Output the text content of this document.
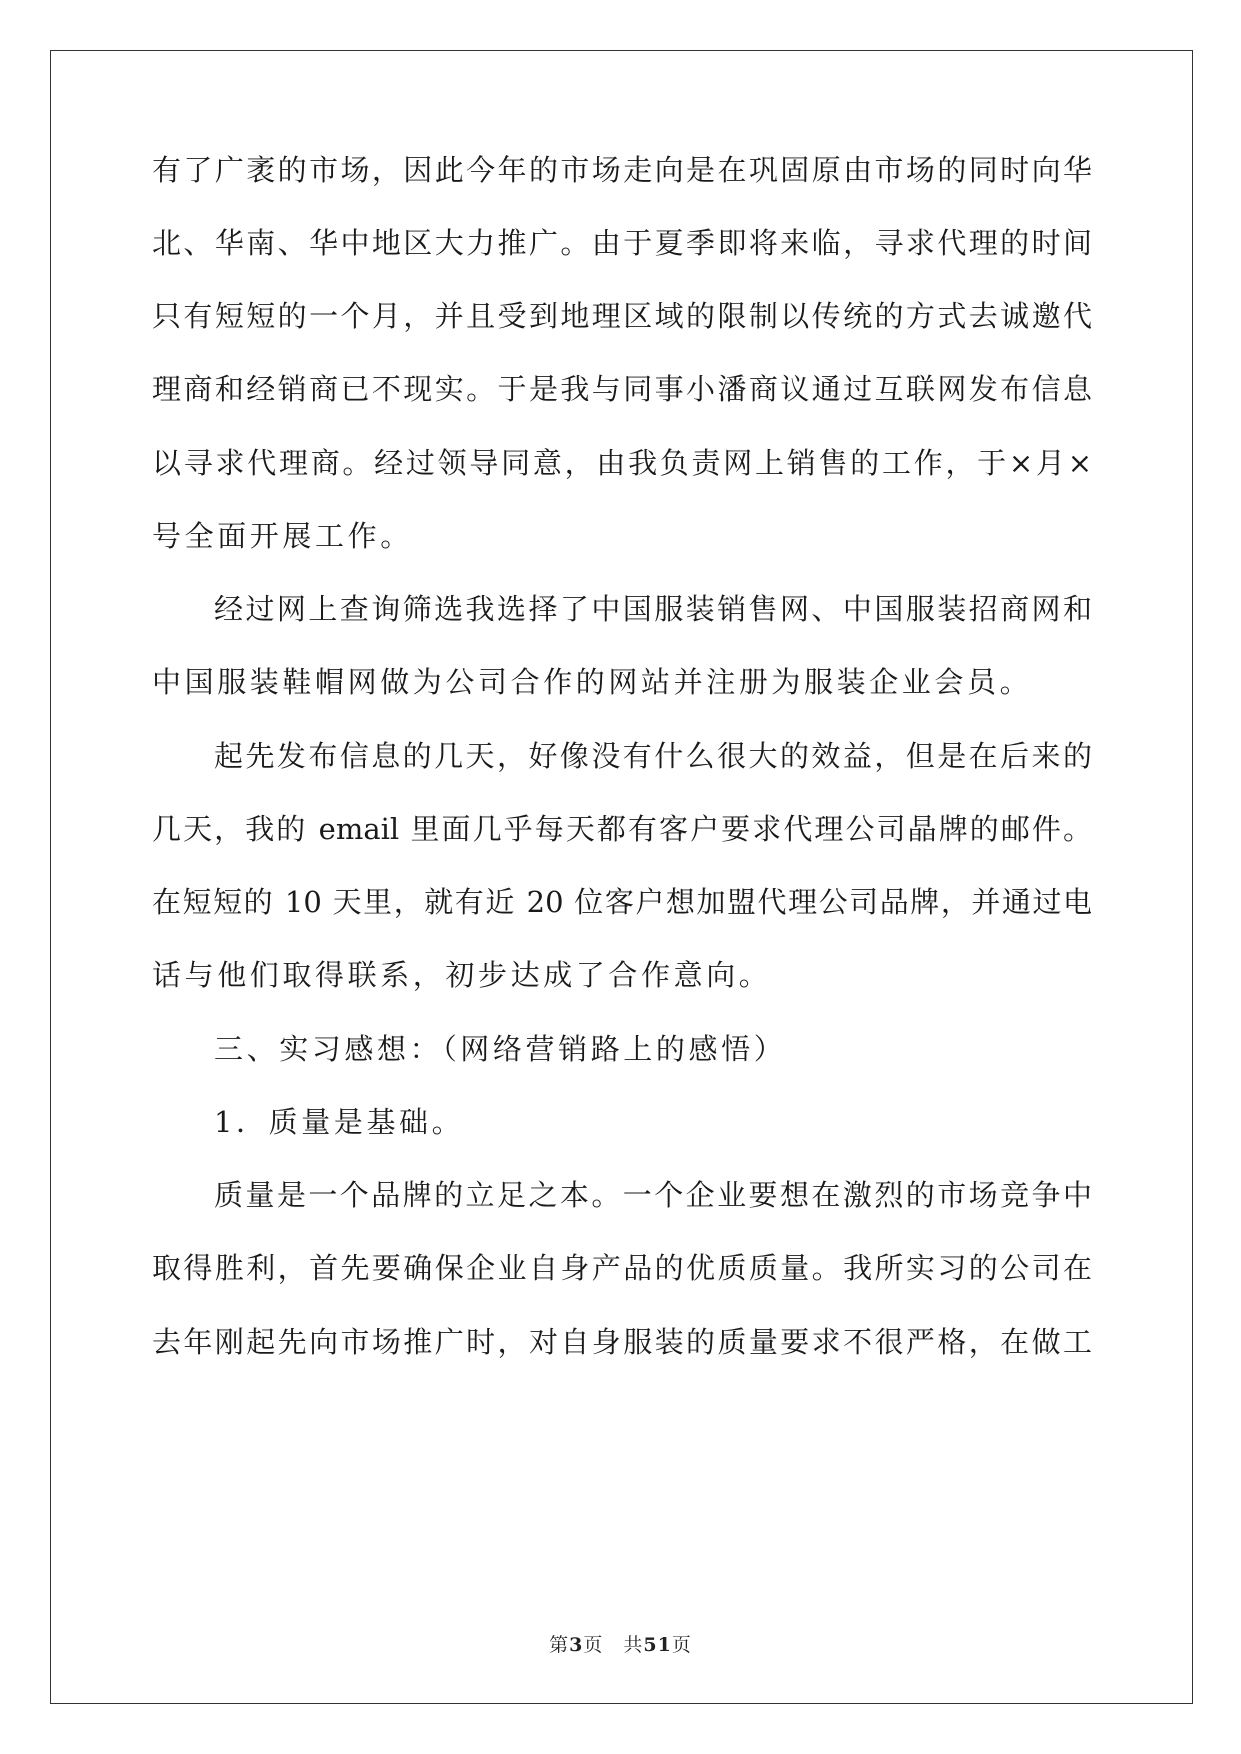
有了广袤的市场，因此今年的市场走向是在巩固原由市场的同时向华
北、华南、华中地区大力推广。由于夏季即将来临，寻求代理的时间
只有短短的一个月，并且受到地理区域的限制以传统的方式去诚邀代
理商和经销商已不现实。于是我与同事小潘商议通过互联网发布信息
以寻求代理商。经过领导同意，由我负责网上销售的工作，于×月×
号全面开展工作。
经过网上查询筛选我选择了中国服装销售网、中国服装招商网和
中国服装鞋帽网做为公司合作的网站并注册为服装企业会员。
起先发布信息的几天，好像没有什么很大的效益，但是在后来的
几天，我的 email 里面几乎每天都有客户要求代理公司晶牌的邮件。
在短短的 10 天里，就有近 20 位客户想加盟代理公司品牌，并通过电
话与他们取得联系，初步达成了合作意向。
三、实习感想：（网络营销路上的感悟）
1．质量是基础。
质量是一个品牌的立足之本。一个企业要想在激烈的市场竞争中
取得胜利，首先要确保企业自身产品的优质质量。我所实习的公司在
去年刚起先向市场推广时，对自身服装的质量要求不很严格，在做工
第3页　共51页
